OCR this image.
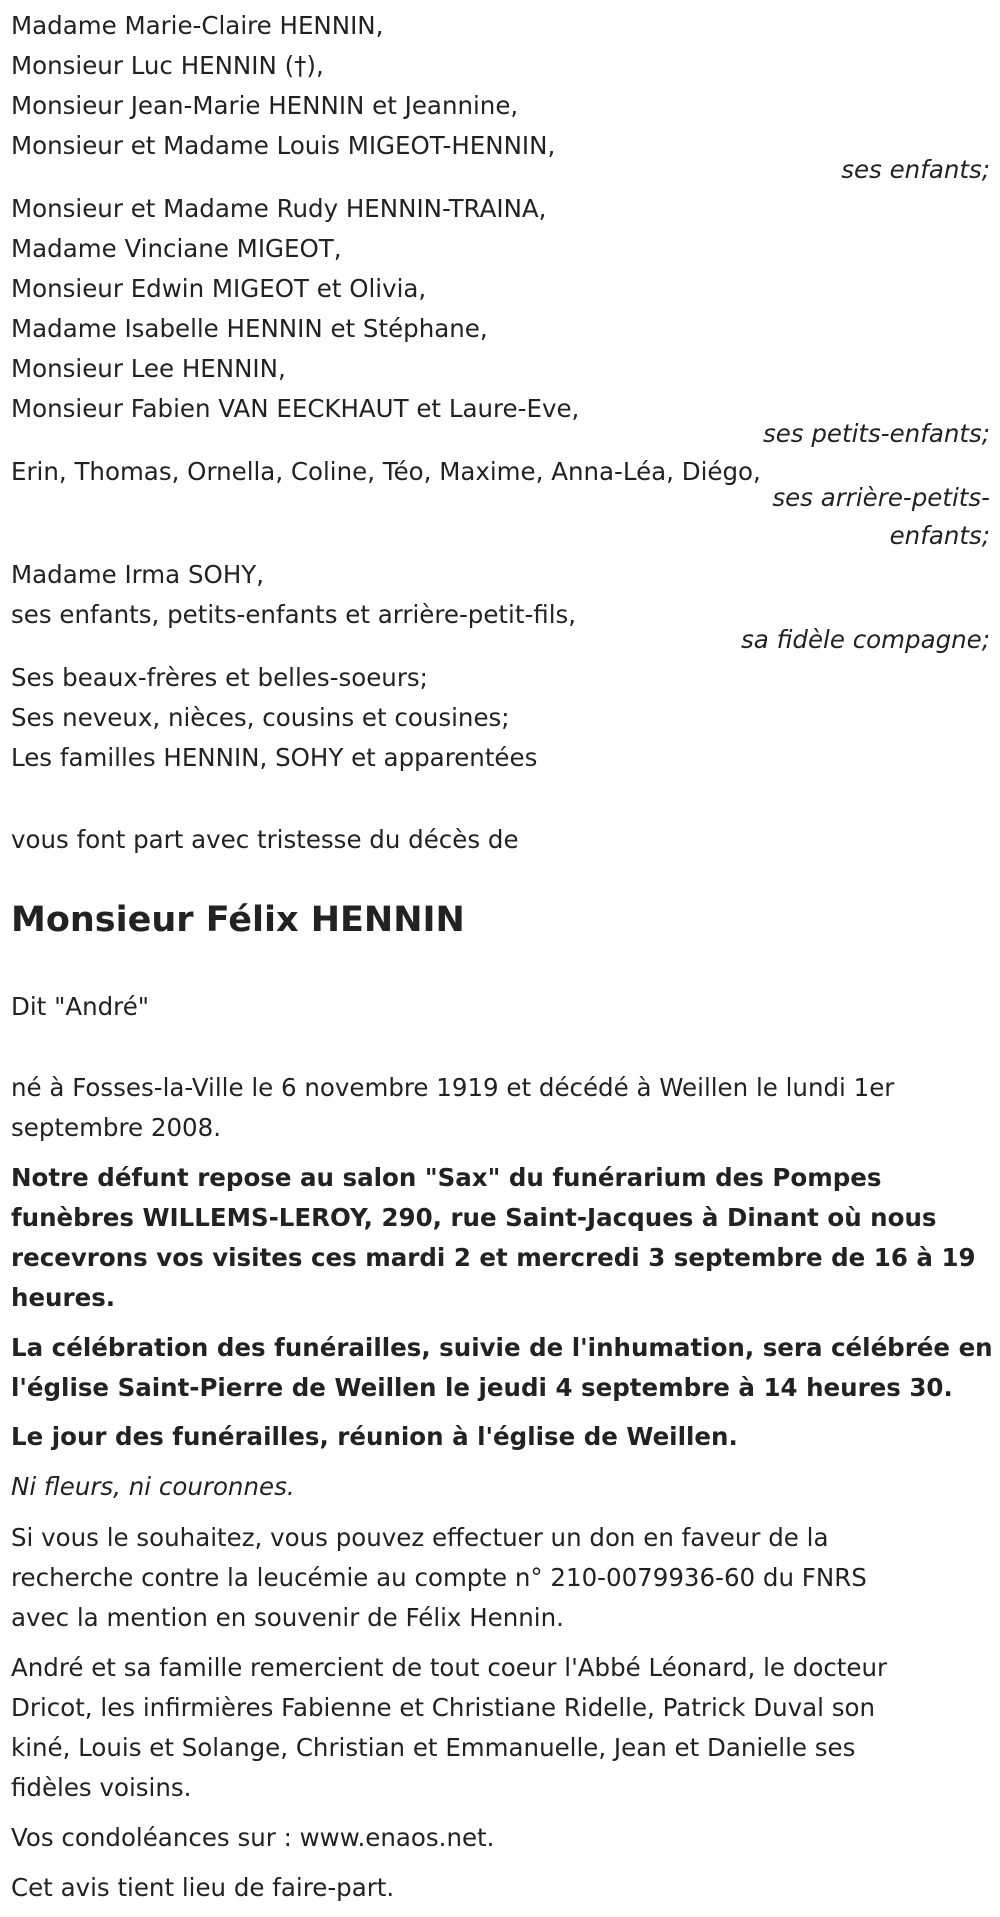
Madame Marie-Claire HENNIN,
Monsieur Luc HENNIN (†),
Monsieur Jean-Marie HENNIN et Jeannine,
Monsieur et Madame Louis MIGEOT-HENNIN,
ses enfants;
Monsieur et Madame Rudy HENNIN-TRAINA,
Madame Vinciane MIGEOT,
Monsieur Edwin MIGEOT et Olivia,
Madame Isabelle HENNIN et Stéphane,
Monsieur Lee HENNIN,
Monsieur Fabien VAN EECKHAUT et Laure-Eve,
ses petits-enfants;
Erin, Thomas, Ornella, Coline, Téo, Maxime, Anna-Léa, Diégo,
ses arrière-petits-
enfants;
Madame Irma SOHY,
ses enfants, petits-enfants et arrière-petit-fils,
sa fidèle compagne;
Ses beaux-frères et belles-soeurs;
Ses neveux, nièces, cousins et cousines;
Les familles HENNIN, SOHY et apparentées
vous font part avec tristesse du décès de
Monsieur Félix HENNIN
Dit "André"
né à Fosses-la-Ville le 6 novembre 1919 et décédé à Weillen le lundi 1er
septembre 2008.
Notre défunt repose au salon "Sax" du funérarium des Pompes
funèbres WILLEMS-LEROY, 290, rue Saint-Jacques à Dinant où nous
recevrons vos visites ces mardi 2 et mercredi 3 septembre de 16 à 19
heures.
La célébration des funérailles, suivie de l'inhumation, sera célébrée en
l'église Saint-Pierre de Weillen le jeudi 4 septembre à 14 heures 30.
Le jour des funérailles, réunion à l'église de Weillen.
Ni fleurs, ni couronnes.
Si vous le souhaitez, vous pouvez effectuer un don en faveur de la
recherche contre la leucémie au compte n° 210-0079936-60 du FNRS
avec la mention en souvenir de Félix Hennin.
André et sa famille remercient de tout coeur l'Abbé Léonard, le docteur
Dricot, les infirmières Fabienne et Christiane Ridelle, Patrick Duval son
kiné, Louis et Solange, Christian et Emmanuelle, Jean et Danielle ses
fidèles voisins.
Vos condoléances sur : www.enaos.net.
Cet avis tient lieu de faire-part.
